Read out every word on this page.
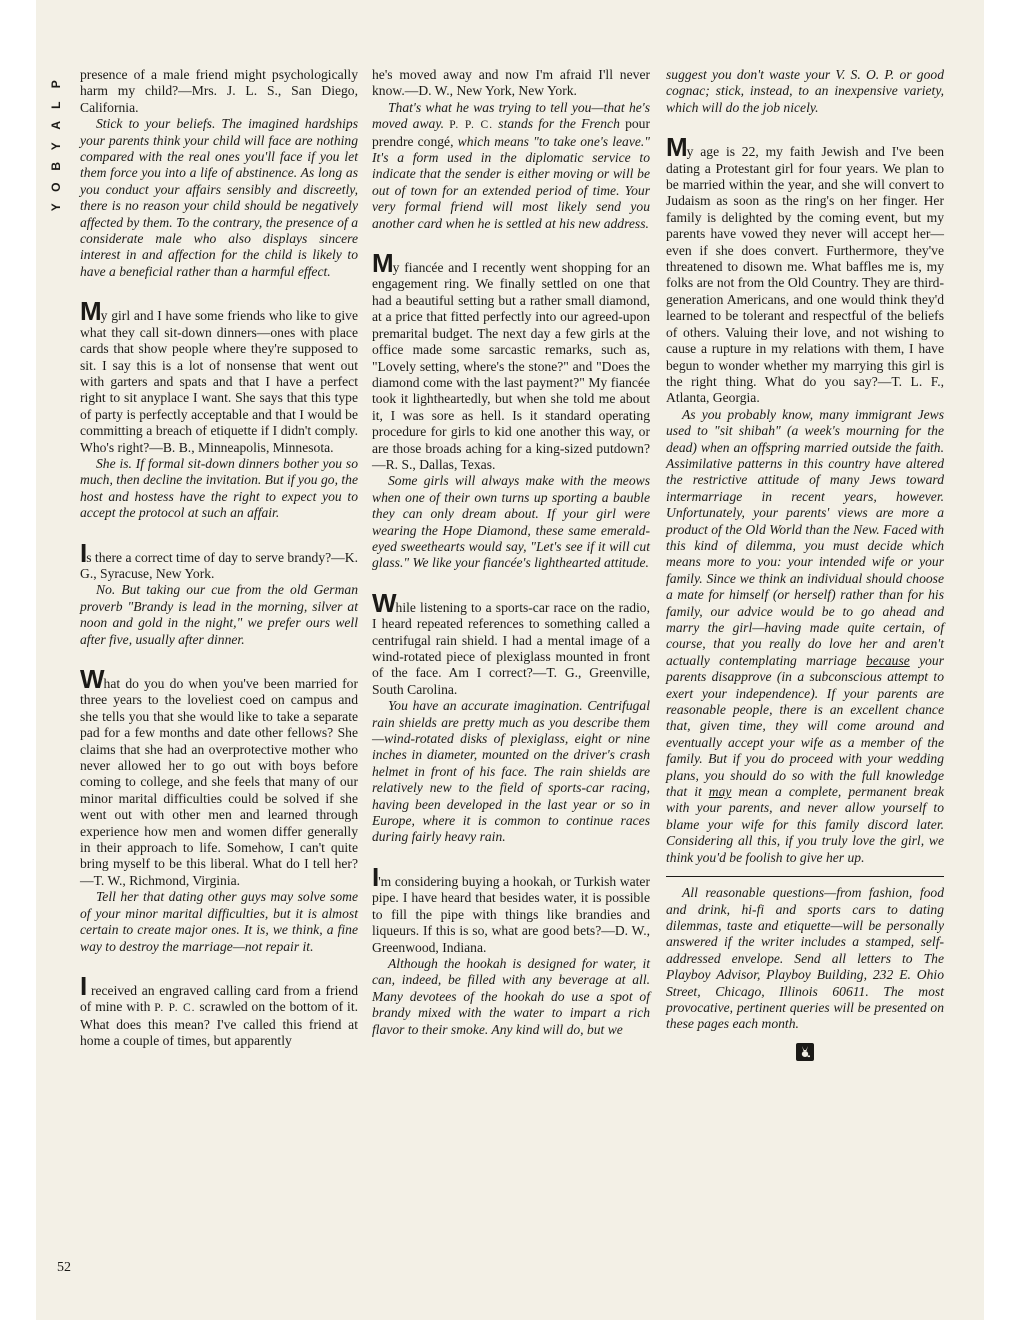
P
L
A
Y
B
O
Y
52

presence of a male friend might psychologically harm my child?—Mrs. J. L. S., San Diego, California.

Stick to your beliefs. The imagined hardships your parents think your child will face are nothing compared with the real ones you'll face if you let them force you into a life of abstinence. As long as you conduct your affairs sensibly and discreetly, there is no reason your child should be negatively affected by them. To the contrary, the presence of a considerate male who also displays sincere interest in and affection for the child is likely to have a beneficial rather than a harmful effect.

My girl and I have some friends who like to give what they call sit-down dinners—ones with place cards that show people where they're supposed to sit. I say this is a lot of nonsense that went out with garters and spats and that I have a perfect right to sit anyplace I want. She says that this type of party is perfectly acceptable and that I would be committing a breach of etiquette if I didn't comply. Who's right?—B. B., Minneapolis, Minnesota.

She is. If formal sit-down dinners bother you so much, then decline the invitation. But if you go, the host and hostess have the right to expect you to accept the protocol at such an affair.

Is there a correct time of day to serve brandy?—K. G., Syracuse, New York.

No. But taking our cue from the old German proverb "Brandy is lead in the morning, silver at noon and gold in the night," we prefer ours well after five, usually after dinner.

What do you do when you've been married for three years to the loveliest coed on campus and she tells you that she would like to take a separate pad for a few months and date other fellows? She claims that she had an overprotective mother who never allowed her to go out with boys before coming to college, and she feels that many of our minor marital difficulties could be solved if she went out with other men and learned through experience how men and women differ generally in their approach to life. Somehow, I can't quite bring myself to be this liberal. What do I tell her?—T. W., Richmond, Virginia.

Tell her that dating other guys may solve some of your minor marital difficulties, but it is almost certain to create major ones. It is, we think, a fine way to destroy the marriage—not repair it.

I received an engraved calling card from a friend of mine with P. P. C. scrawled on the bottom of it. What does this mean? I've called this friend at home a couple of times, but apparently

he's moved away and now I'm afraid I'll never know.—D. W., New York, New York.

That's what he was trying to tell you—that he's moved away. P. P. C. stands for the French pour prendre congé, which means "to take one's leave." It's a form used in the diplomatic service to indicate that the sender is either moving or will be out of town for an extended period of time. Your very formal friend will most likely send you another card when he is settled at his new address.

My fiancée and I recently went shopping for an engagement ring. We finally settled on one that had a beautiful setting but a rather small diamond, at a price that fitted perfectly into our agreed-upon premarital budget. The next day a few girls at the office made some sarcastic remarks, such as, "Lovely setting, where's the stone?" and "Does the diamond come with the last payment?" My fiancée took it lightheartedly, but when she told me about it, I was sore as hell. Is it standard operating procedure for girls to kid one another this way, or are those broads aching for a king-sized putdown?—R. S., Dallas, Texas.

Some girls will always make with the meows when one of their own turns up sporting a bauble they can only dream about. If your girl were wearing the Hope Diamond, these same emerald-eyed sweethearts would say, "Let's see if it will cut glass." We like your fiancée's lighthearted attitude.

While listening to a sports-car race on the radio, I heard repeated references to something called a centrifugal rain shield. I had a mental image of a wind-rotated piece of plexiglass mounted in front of the face. Am I correct?—T. G., Greenville, South Carolina.

You have an accurate imagination. Centrifugal rain shields are pretty much as you describe them—wind-rotated disks of plexiglass, eight or nine inches in diameter, mounted on the driver's crash helmet in front of his face. The rain shields are relatively new to the field of sports-car racing, having been developed in the last year or so in Europe, where it is common to continue races during fairly heavy rain.

I'm considering buying a hookah, or Turkish water pipe. I have heard that besides water, it is possible to fill the pipe with things like brandies and liqueurs. If this is so, what are good bets?—D. W., Greenwood, Indiana.

Although the hookah is designed for water, it can, indeed, be filled with any beverage at all. Many devotees of the hookah do use a spot of brandy mixed with the water to impart a rich flavor to their smoke. Any kind will do, but we

suggest you don't waste your V. S. O. P. or good cognac; stick, instead, to an inexpensive variety, which will do the job nicely.

My age is 22, my faith Jewish and I've been dating a Protestant girl for four years. We plan to be married within the year, and she will convert to Judaism as soon as the ring's on her finger. Her family is delighted by the coming event, but my parents have vowed they never will accept her—even if she does convert. Furthermore, they've threatened to disown me. What baffles me is, my folks are not from the Old Country. They are third-generation Americans, and one would think they'd learned to be tolerant and respectful of the beliefs of others. Valuing their love, and not wishing to cause a rupture in my relations with them, I have begun to wonder whether my marrying this girl is the right thing. What do you say?—T. L. F., Atlanta, Georgia.

As you probably know, many immigrant Jews used to "sit shibah" (a week's mourning for the dead) when an offspring married outside the faith. Assimilative patterns in this country have altered the restrictive attitude of many Jews toward intermarriage in recent years, however. Unfortunately, your parents' views are more a product of the Old World than the New. Faced with this kind of dilemma, you must decide which means more to you: your intended wife or your family. Since we think an individual should choose a mate for himself (or herself) rather than for his family, our advice would be to go ahead and marry the girl—having made quite certain, of course, that you really do love her and aren't actually contemplating marriage because your parents disapprove (in a subconscious attempt to exert your independence). If your parents are reasonable people, there is an excellent chance that, given time, they will come around and eventually accept your wife as a member of the family. But if you do proceed with your wedding plans, you should do so with the full knowledge that it may mean a complete, permanent break with your parents, and never allow yourself to blame your wife for this family discord later. Considering all this, if you truly love the girl, we think you'd be foolish to give her up.

All reasonable questions—from fashion, food and drink, hi-fi and sports cars to dating dilemmas, taste and etiquette—will be personally answered if the writer includes a stamped, self-addressed envelope. Send all letters to The Playboy Advisor, Playboy Building, 232 E. Ohio Street, Chicago, Illinois 60611. The most provocative, pertinent queries will be presented on these pages each month.
